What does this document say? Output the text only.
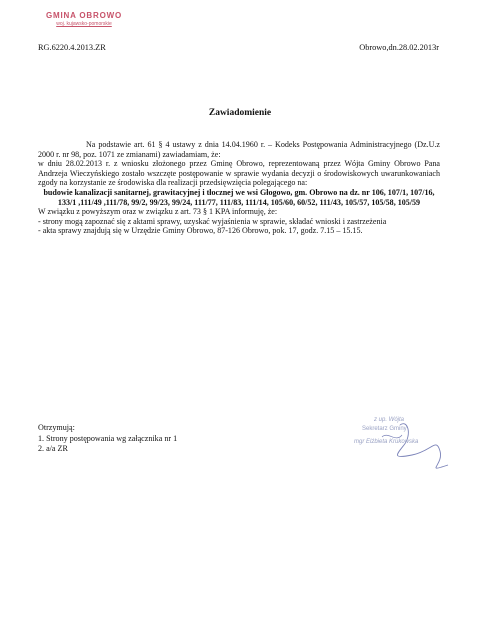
GMINA OBROWO
woj. kujawsko-pomorskie
RG.6220.4.2013.ZR	Obrowo,dn.28.02.2013r
Zawiadomienie

Na podstawie art. 61 § 4 ustawy z dnia 14.04.1960 r. – Kodeks Postępowania Administracyjnego (Dz.U.z 2000 r. nr 98, poz. 1071 ze zmianami) zawiadamiam, że:

w dniu 28.02.2013 r. z wniosku złożonego przez Gminę Obrowo, reprezentowaną przez Wójta Gminy Obrowo Pana Andrzeja Wieczyńskiego zostało wszczęte postępowanie w sprawie wydania decyzji o środowiskowych uwarunkowaniach zgody na korzystanie ze środowiska dla realizacji przedsięwzięcia polegającego na:

budowie kanalizacji sanitarnej, grawitacyjnej i tłocznej we wsi Głogowo, gm. Obrowo na dz. nr 106, 107/1, 107/16, 133/1 ,111/49 ,111/78, 99/2, 99/23, 99/24, 111/77, 111/83, 111/14, 105/60, 60/52, 111/43, 105/57, 105/58, 105/59

W związku z powyższym oraz w związku z art. 73 § 1 KPA informuję, że:

- strony mogą zapoznać się z aktami sprawy, uzyskać wyjaśnienia w sprawie, składać wnioski i zastrzeżenia

- akta sprawy znajdują się w Urzędzie Gminy Obrowo, 87-126 Obrowo, pok. 17, godz. 7.15 – 15.15.

Otrzymują:
1. Strony postępowania wg załącznika nr 1
2. a/a ZR
z up. Wójta
Sekretarz Gminy
mgr Elżbieta Krukowska
